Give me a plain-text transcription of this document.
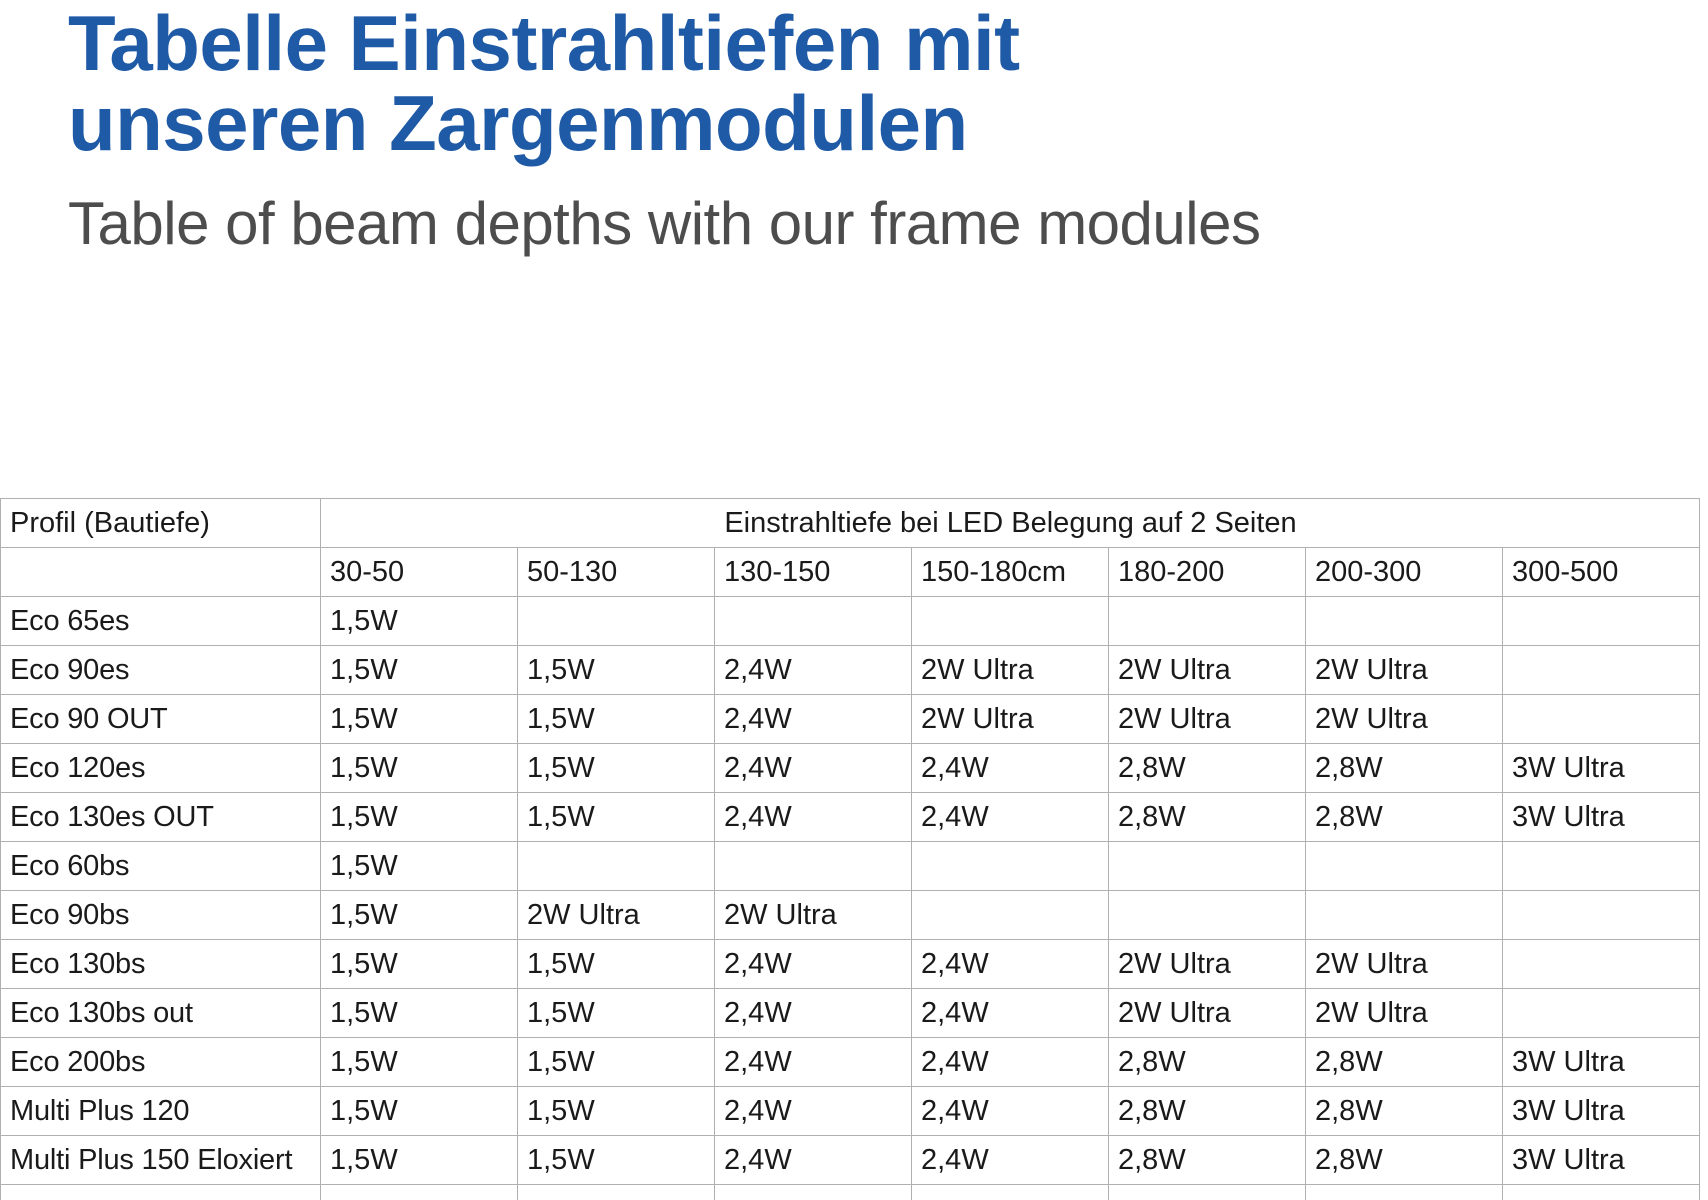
Tabelle Einstrahltiefen mit unseren Zargenmodulen
Table of beam depths with our frame modules
Profil (Bautiefe)	Einstrahltiefe bei LED Belegung auf 2 Seiten						
	30-50	50-130	130-150	150-180cm	180-200	200-300	300-500
Eco 65es	1,5W						
Eco 90es	1,5W	1,5W	2,4W	2W Ultra	2W Ultra	2W Ultra	
Eco 90 OUT	1,5W	1,5W	2,4W	2W Ultra	2W Ultra	2W Ultra	
Eco 120es	1,5W	1,5W	2,4W	2,4W	2,8W	2,8W	3W Ultra
Eco 130es OUT	1,5W	1,5W	2,4W	2,4W	2,8W	2,8W	3W Ultra
Eco 60bs	1,5W						
Eco 90bs	1,5W	2W Ultra	2W Ultra				
Eco 130bs	1,5W	1,5W	2,4W	2,4W	2W Ultra	2W Ultra	
Eco 130bs out	1,5W	1,5W	2,4W	2,4W	2W Ultra	2W Ultra	
Eco 200bs	1,5W	1,5W	2,4W	2,4W	2,8W	2,8W	3W Ultra
Multi Plus 120	1,5W	1,5W	2,4W	2,4W	2,8W	2,8W	3W Ultra
Multi Plus 150 Eloxiert	1,5W	1,5W	2,4W	2,4W	2,8W	2,8W	3W Ultra
